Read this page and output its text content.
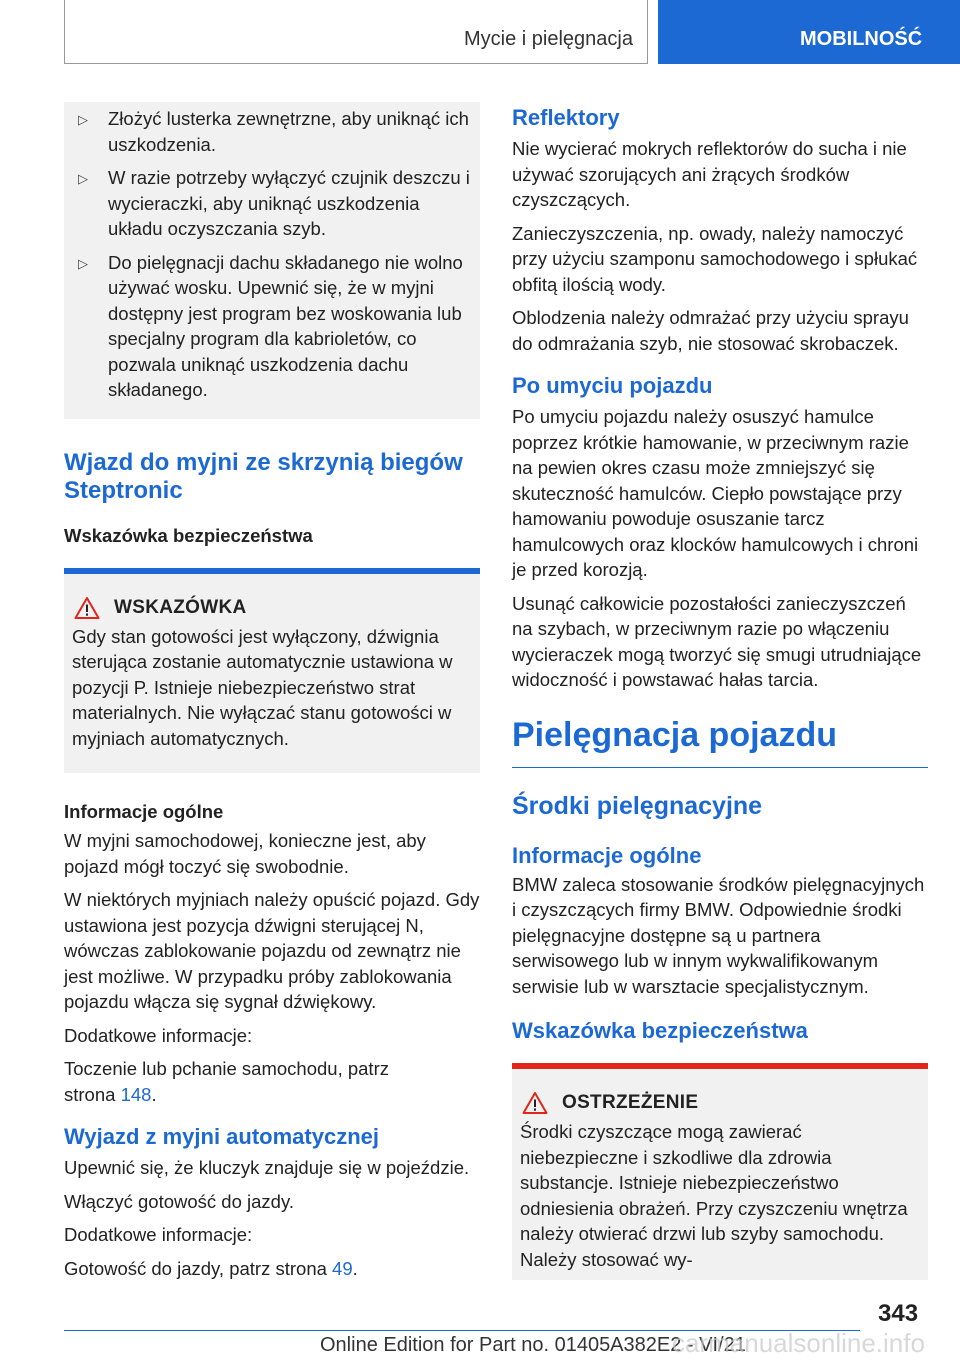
Mycie i pielęgnacja	MOBILNOŚĆ
▷	Złożyć lusterka zewnętrzne, aby uniknąć ich uszkodzenia.
▷	W razie potrzeby wyłączyć czujnik deszczu i wycieraczki, aby uniknąć uszkodzenia układu oczyszczania szyb.
▷	Do pielęgnacji dachu składanego nie wolno używać wosku. Upewnić się, że w myjni dostępny jest program bez woskowania lub specjalny program dla kabrioletów, co pozwala uniknąć uszkodzenia dachu składanego.
Wjazd do myjni ze skrzynią biegów Steptronic
Wskazówka bezpieczeństwa
WSKAZÓWKA

Gdy stan gotowości jest wyłączony, dźwignia sterująca zostanie automatycznie ustawiona w pozycji P. Istnieje niebezpieczeństwo strat materialnych. Nie wyłączać stanu gotowości w myjniach automatycznych.

Informacje ogólne

W myjni samochodowej, konieczne jest, aby pojazd mógł toczyć się swobodnie.

W niektórych myjniach należy opuścić pojazd. Gdy ustawiona jest pozycja dźwigni sterującej N, wówczas zablokowanie pojazdu od zewnątrz nie jest możliwe. W przypadku próby zablokowania pojazdu włącza się sygnał dźwiękowy.

Dodatkowe informacje:

Toczenie lub pchanie samochodu, patrz strona 148.

Wyjazd z myjni automatycznej

Upewnić się, że kluczyk znajduje się w pojeździe.

Włączyć gotowość do jazdy.

Dodatkowe informacje:

Gotowość do jazdy, patrz strona 49.

Reflektory

Nie wycierać mokrych reflektorów do sucha i nie używać szorujących ani żrących środków czyszczących.

Zanieczyszczenia, np. owady, należy namoczyć przy użyciu szamponu samochodowego i spłukać obfitą ilością wody.

Oblodzenia należy odmrażać przy użyciu sprayu do odmrażania szyb, nie stosować skrobaczek.

Po umyciu pojazdu

Po umyciu pojazdu należy osuszyć hamulce poprzez krótkie hamowanie, w przeciwnym razie na pewien okres czasu może zmniejszyć się skuteczność hamulców. Ciepło powstające przy hamowaniu powoduje osuszanie tarcz hamulcowych oraz klocków hamulcowych i chroni je przed korozją.

Usunąć całkowicie pozostałości zanieczyszczeń na szybach, w przeciwnym razie po włączeniu wycieraczek mogą tworzyć się smugi utrudniające widoczność i powstawać hałas tarcia.

Pielęgnacja pojazdu
Środki pielęgnacyjne
Informacje ogólne

BMW zaleca stosowanie środków pielęgnacyjnych i czyszczących firmy BMW. Odpowiednie środki pielęgnacyjne dostępne są u partnera serwisowego lub w innym wykwalifikowanym serwisie lub w warsztacie specjalistycznym.

Wskazówka bezpieczeństwa
OSTRZEŻENIE

Środki czyszczące mogą zawierać niebezpieczne i szkodliwe dla zdrowia substancje. Istnieje niebezpieczeństwo odniesienia obrażeń. Przy czyszczeniu wnętrza należy otwierać drzwi lub szyby samochodu. Należy stosować wy-

343
Online Edition for Part no. 01405A382E2 - VI/21
carmanualsonline.info
